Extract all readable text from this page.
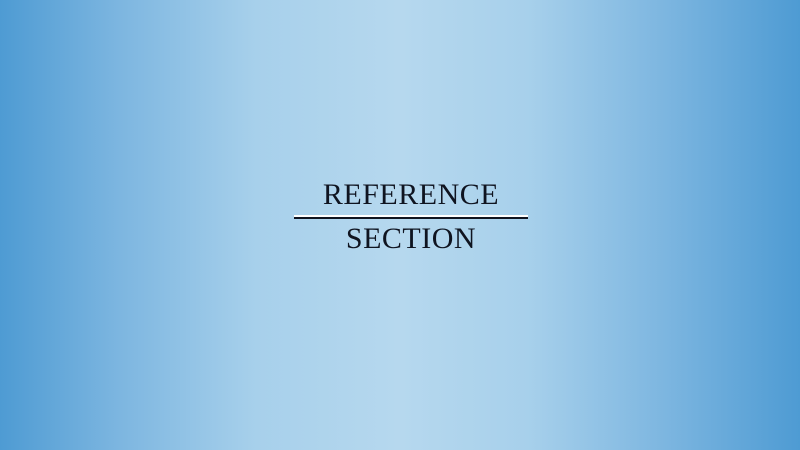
REFERENCE

SECTION
